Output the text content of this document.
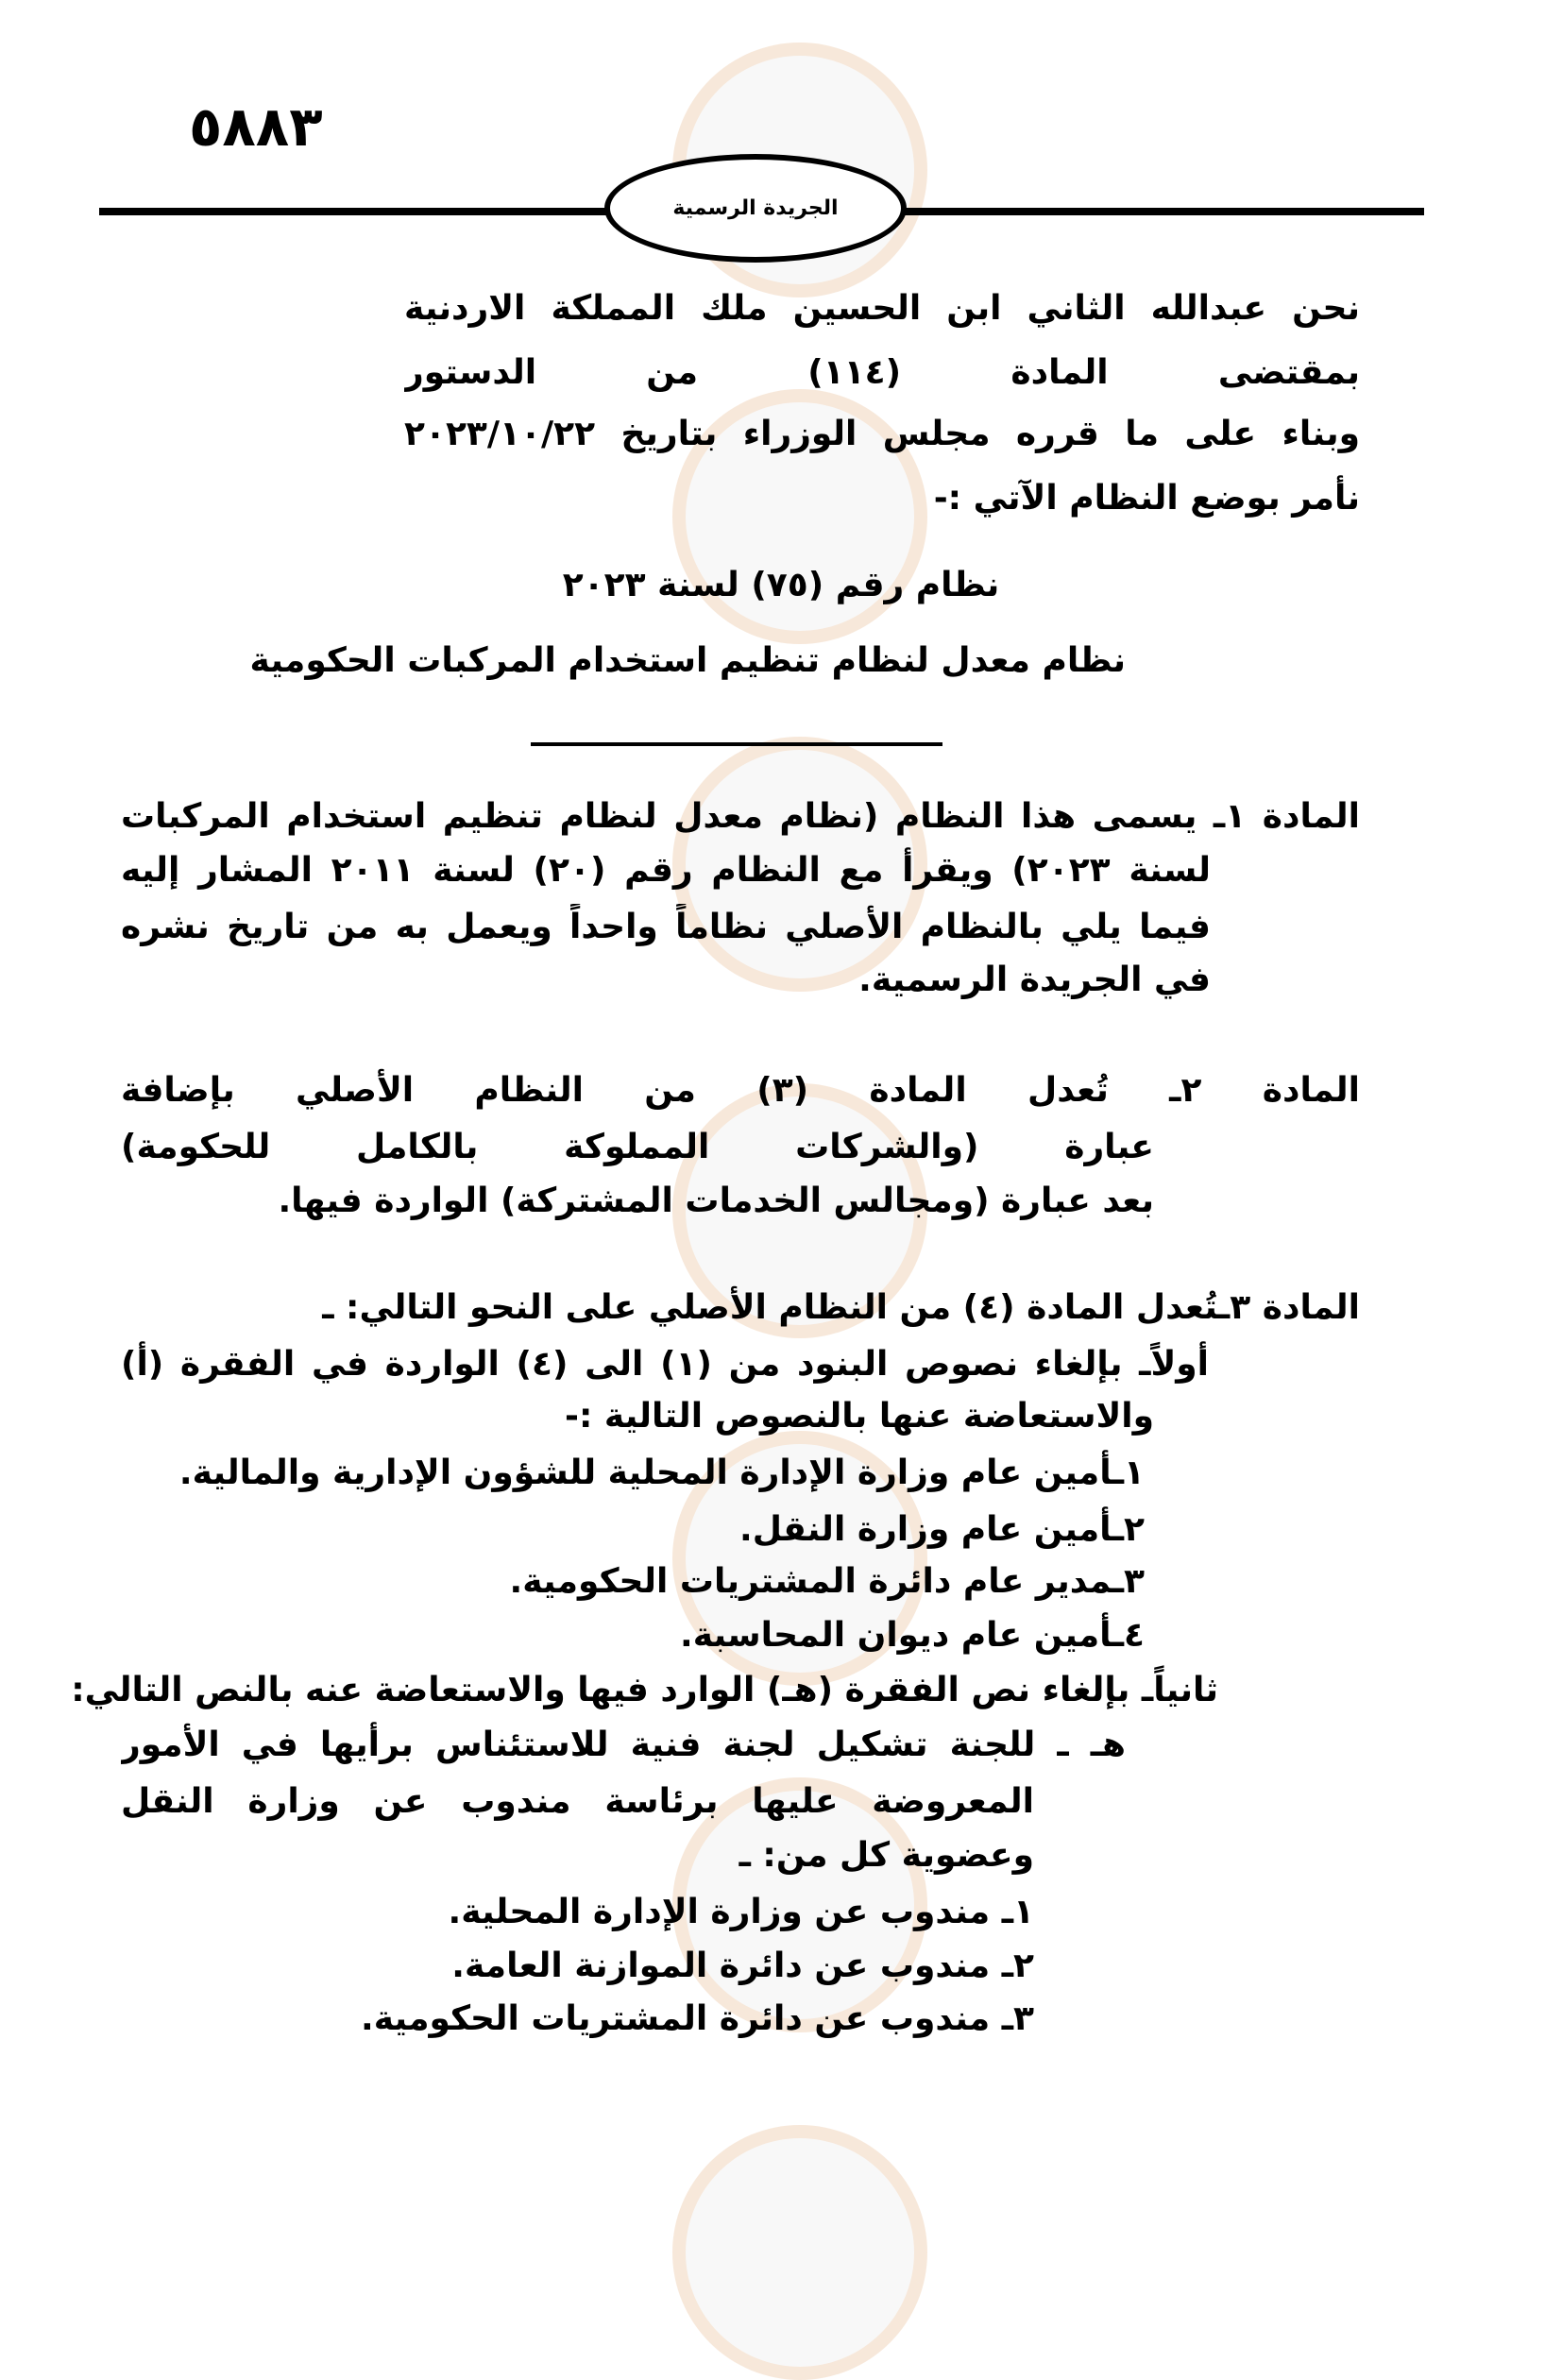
٥٨٨٣
الجريدة الرسمية
نحن عبدالله الثاني ابن الحسين ملك المملكة الاردنية
بمقتضى المادة (١١٤) من الدستور
وبناء على ما قرره مجلس الوزراء بتاريخ ٢٠٢٣/١٠/٢٢
نأمر بوضع النظام الآتي :-
نظام رقم (٧٥) لسنة ٢٠٢٣
نظام معدل لنظام تنظيم استخدام المركبات الحكومية
المادة ١ـ يسمى هذا النظام (نظام معدل لنظام تنظيم استخدام المركبات
لسنة ٢٠٢٣) ويقرأ مع النظام رقم (٢٠) لسنة ٢٠١١ المشار إليه
فيما يلي بالنظام الأصلي نظاماً واحداً ويعمل به من تاريخ نشره
في الجريدة الرسمية.
المادة ٢ـ تُعدل المادة (٣) من النظام الأصلي بإضافة
عبارة (والشركات المملوكة بالكامل للحكومة)
بعد عبارة (ومجالس الخدمات المشتركة) الواردة فيها.
المادة ٣ـتُعدل المادة (٤) من النظام الأصلي على النحو التالي: ـ
أولاًـ بإلغاء نصوص البنود من (١) الى (٤) الواردة في الفقرة (أ)
والاستعاضة عنها بالنصوص التالية :-
١ـأمين عام وزارة الإدارة المحلية للشؤون الإدارية والمالية.
٢ـأمين عام وزارة النقل.
٣ـمدير عام دائرة المشتريات الحكومية.
٤ـأمين عام ديوان المحاسبة.
ثانياًـ بإلغاء نص الفقرة (هـ) الوارد فيها والاستعاضة عنه بالنص التالي:
هـ ـ للجنة تشكيل لجنة فنية للاستئناس برأيها في الأمور
المعروضة عليها برئاسة مندوب عن وزارة النقل
وعضوية كل من: ـ
١ـ مندوب عن وزارة الإدارة المحلية.
٢ـ مندوب عن دائرة الموازنة العامة.
٣ـ مندوب عن دائرة المشتريات الحكومية.
